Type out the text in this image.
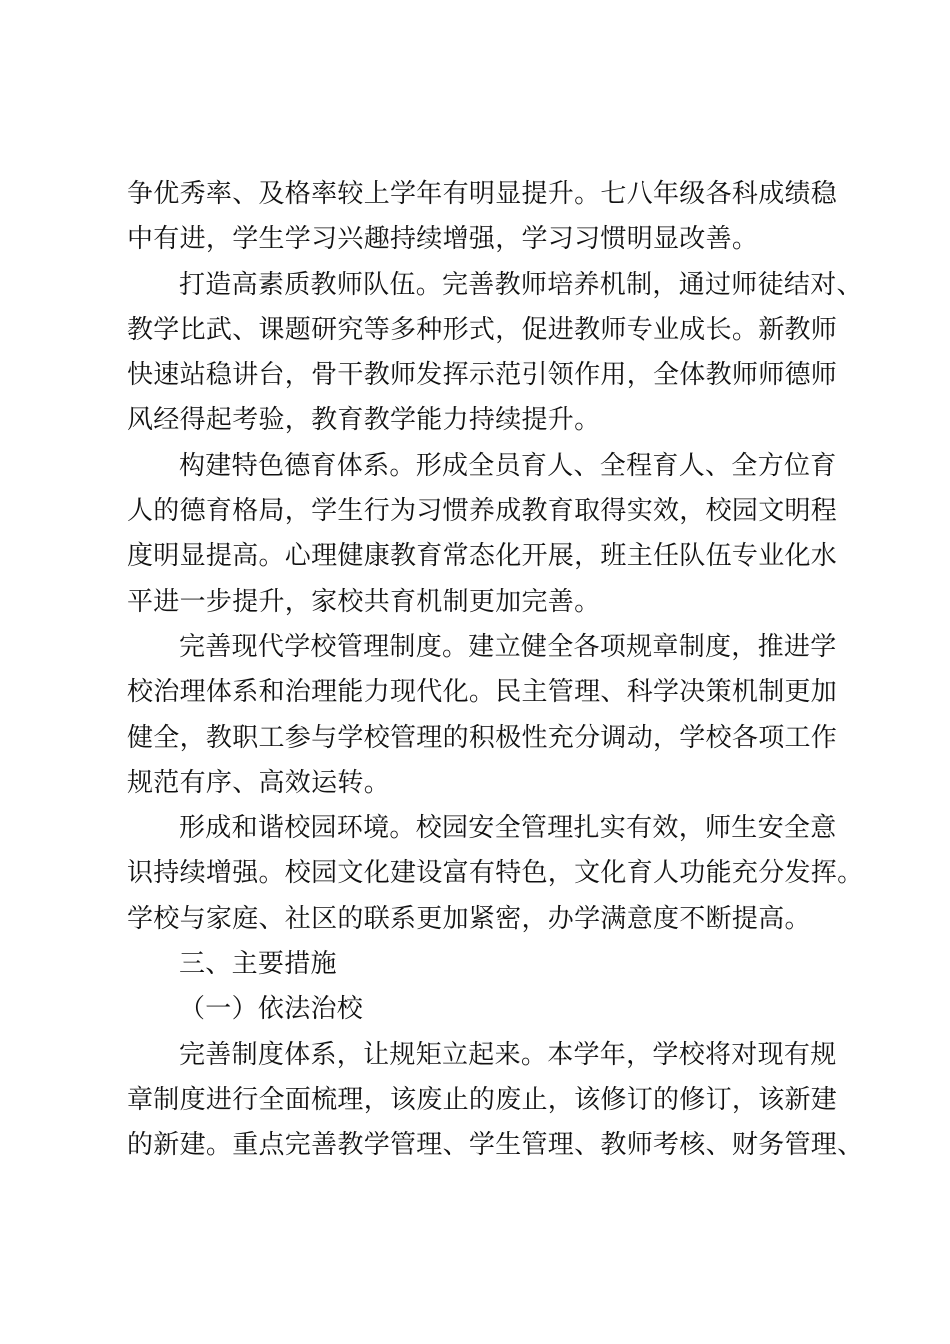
争优秀率、及格率较上学年有明显提升。七八年级各科成绩稳

中有进，学生学习兴趣持续增强，学习习惯明显改善。

打造高素质教师队伍。完善教师培养机制，通过师徒结对、

教学比武、课题研究等多种形式，促进教师专业成长。新教师

快速站稳讲台，骨干教师发挥示范引领作用，全体教师师德师

风经得起考验，教育教学能力持续提升。

构建特色德育体系。形成全员育人、全程育人、全方位育

人的德育格局，学生行为习惯养成教育取得实效，校园文明程

度明显提高。心理健康教育常态化开展，班主任队伍专业化水

平进一步提升，家校共育机制更加完善。

完善现代学校管理制度。建立健全各项规章制度，推进学

校治理体系和治理能力现代化。民主管理、科学决策机制更加

健全，教职工参与学校管理的积极性充分调动，学校各项工作

规范有序、高效运转。

形成和谐校园环境。校园安全管理扎实有效，师生安全意

识持续增强。校园文化建设富有特色，文化育人功能充分发挥。

学校与家庭、社区的联系更加紧密，办学满意度不断提高。

三、主要措施

（一）依法治校

完善制度体系，让规矩立起来。本学年，学校将对现有规

章制度进行全面梳理，该废止的废止，该修订的修订，该新建

的新建。重点完善教学管理、学生管理、教师考核、财务管理、
